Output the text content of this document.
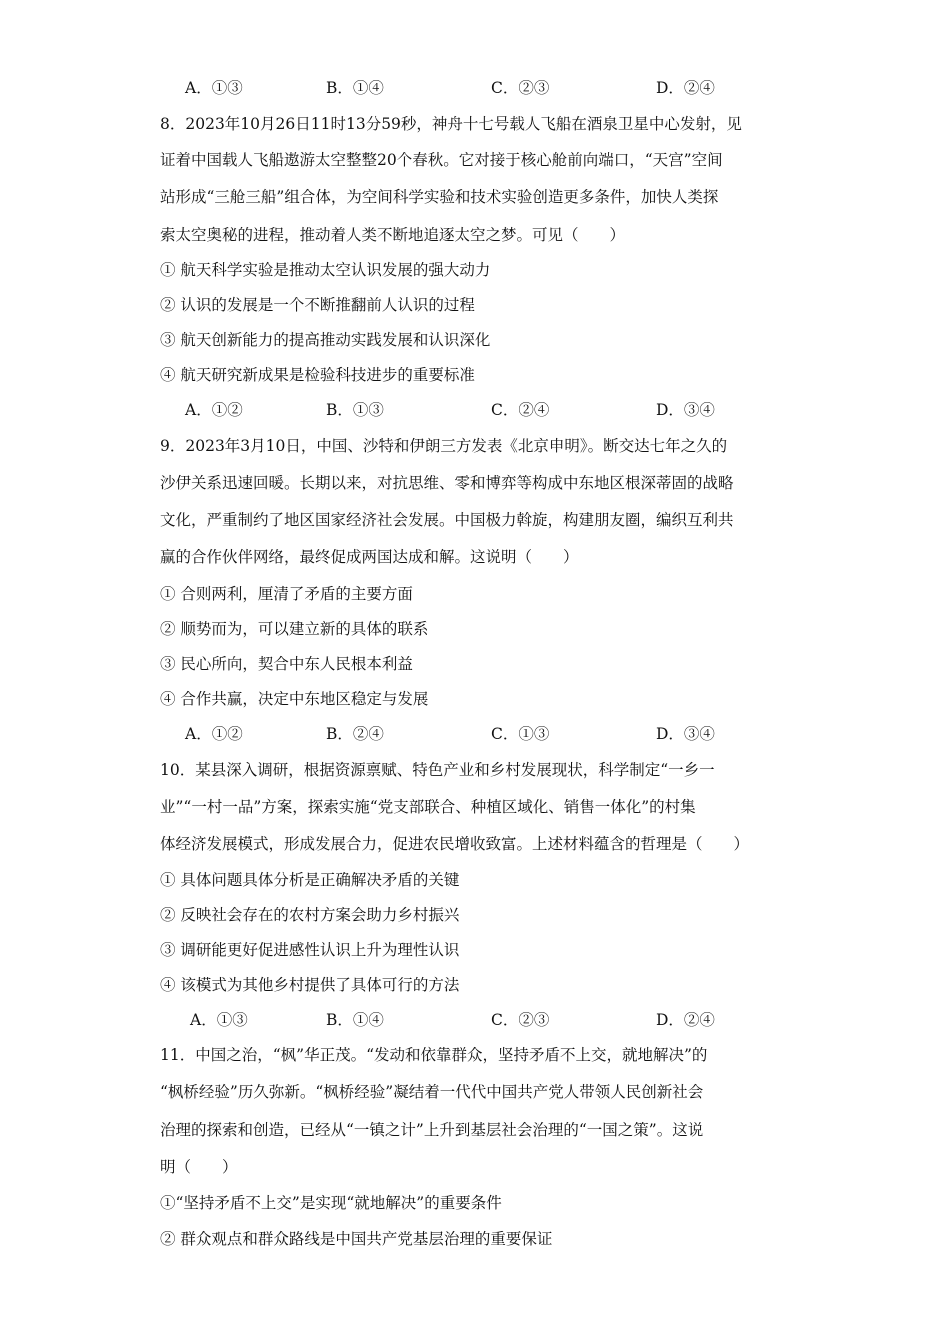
A．①③	B．①④	C．②③	D．②④
8．2023年10月26日11时13分59秒，神舟十七号载人飞船在酒泉卫星中心发射，见
证着中国载人飞船遨游太空整整20个春秋。它对接于核心舱前向端口，“天宫”空间
站形成“三舱三船”组合体，为空间科学实验和技术实验创造更多条件，加快人类探
索太空奥秘的进程，推动着人类不断地追逐太空之梦。可见（　　）
① 航天科学实验是推动太空认识发展的强大动力
② 认识的发展是一个不断推翻前人认识的过程
③ 航天创新能力的提高推动实践发展和认识深化
④ 航天研究新成果是检验科技进步的重要标准
A．①②	B．①③	C．②④	D．③④
9．2023年3月10日，中国、沙特和伊朗三方发表《北京申明》。断交达七年之久的
沙伊关系迅速回暖。长期以来，对抗思维、零和博弈等构成中东地区根深蒂固的战略
文化，严重制约了地区国家经济社会发展。中国极力斡旋，构建朋友圈，编织互利共
赢的合作伙伴网络，最终促成两国达成和解。这说明（　　）
① 合则两利，厘清了矛盾的主要方面
② 顺势而为，可以建立新的具体的联系
③ 民心所向，契合中东人民根本利益
④ 合作共赢，决定中东地区稳定与发展
A．①②	B．②④	C．①③	D．③④
10．某县深入调研，根据资源禀赋、特色产业和乡村发展现状，科学制定“一乡一
业”“一村一品”方案，探索实施“党支部联合、种植区域化、销售一体化”的村集
体经济发展模式，形成发展合力，促进农民增收致富。上述材料蕴含的哲理是（　　）
① 具体问题具体分析是正确解决矛盾的关键
② 反映社会存在的农村方案会助力乡村振兴
③ 调研能更好促进感性认识上升为理性认识
④ 该模式为其他乡村提供了具体可行的方法
A．①③	B．①④	C．②③	D．②④
11．中国之治，“枫”华正茂。“发动和依靠群众，坚持矛盾不上交，就地解决”的
“枫桥经验”历久弥新。“枫桥经验”凝结着一代代中国共产党人带领人民创新社会
治理的探索和创造，已经从“一镇之计”上升到基层社会治理的“一国之策”。这说
明（　　）
①“坚持矛盾不上交”是实现“就地解决”的重要条件
② 群众观点和群众路线是中国共产党基层治理的重要保证
